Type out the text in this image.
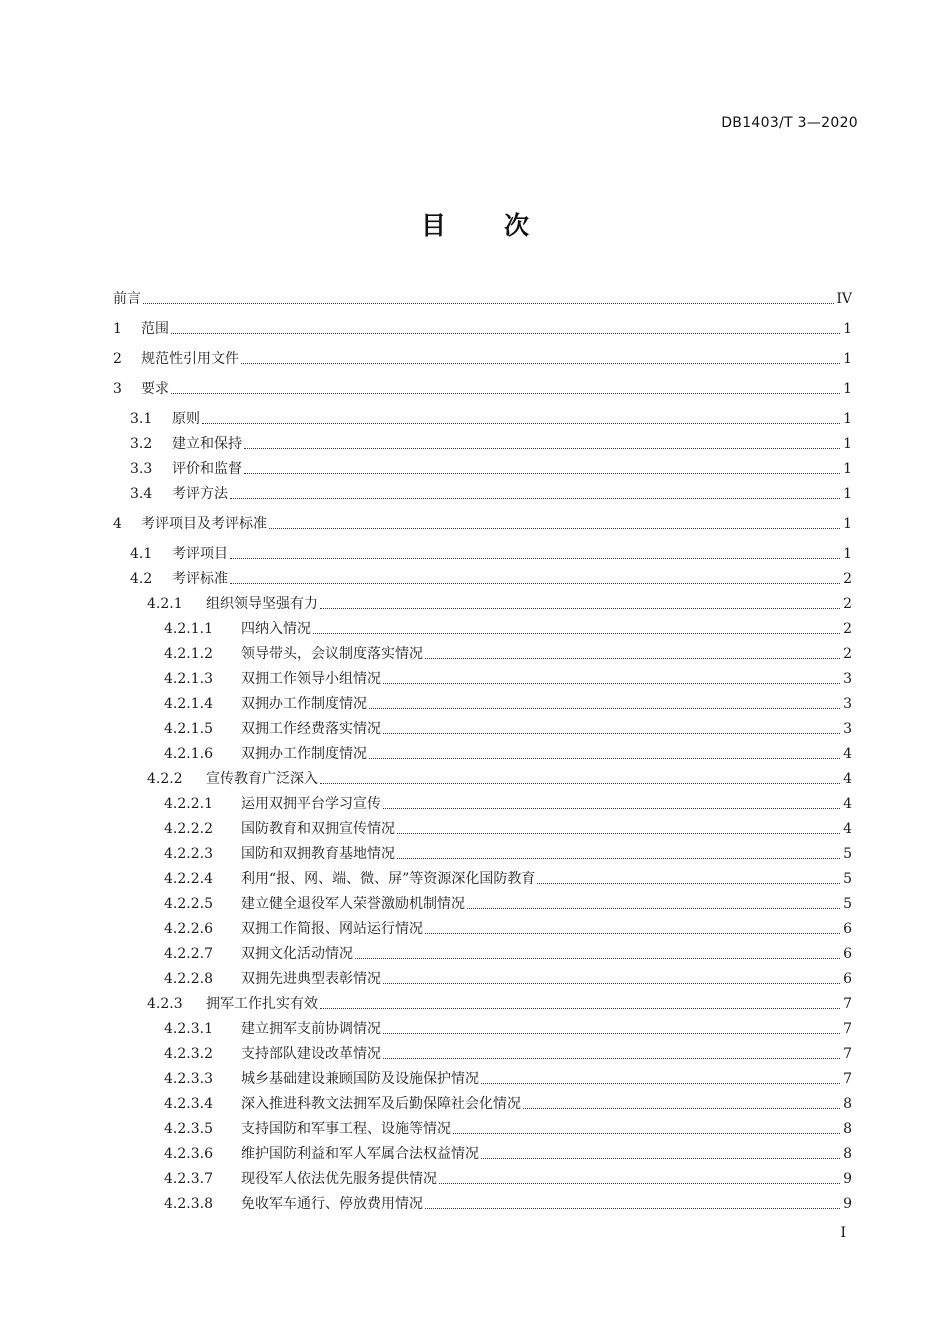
DB1403/T 3—2020
目次
前言	IV
1	范围	1
2	规范性引用文件	1
3	要求	1
3.1	原则	1
3.2	建立和保持	1
3.3	评价和监督	1
3.4	考评方法	1
4	考评项目及考评标准	1
4.1	考评项目	1
4.2	考评标准	2
4.2.1	组织领导坚强有力	2
4.2.1.1	四纳入情况	2
4.2.1.2	领导带头，会议制度落实情况	2
4.2.1.3	双拥工作领导小组情况	3
4.2.1.4	双拥办工作制度情况	3
4.2.1.5	双拥工作经费落实情况	3
4.2.1.6	双拥办工作制度情况	4
4.2.2	宣传教育广泛深入	4
4.2.2.1	运用双拥平台学习宣传	4
4.2.2.2	国防教育和双拥宣传情况	4
4.2.2.3	国防和双拥教育基地情况	5
4.2.2.4	利用“报、网、端、微、屏”等资源深化国防教育	5
4.2.2.5	建立健全退役军人荣誉激励机制情况	5
4.2.2.6	双拥工作简报、网站运行情况	6
4.2.2.7	双拥文化活动情况	6
4.2.2.8	双拥先进典型表彰情况	6
4.2.3	拥军工作扎实有效	7
4.2.3.1	建立拥军支前协调情况	7
4.2.3.2	支持部队建设改革情况	7
4.2.3.3	城乡基础建设兼顾国防及设施保护情况	7
4.2.3.4	深入推进科教文法拥军及后勤保障社会化情况	8
4.2.3.5	支持国防和军事工程、设施等情况	8
4.2.3.6	维护国防利益和军人军属合法权益情况	8
4.2.3.7	现役军人依法优先服务提供情况	9
4.2.3.8	免收军车通行、停放费用情况	9
I
